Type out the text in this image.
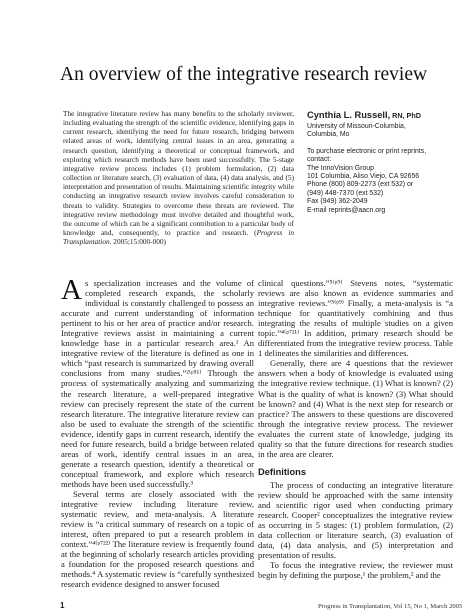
An overview of the integrative research review
The integrative literature review has many benefits to the scholarly reviewer, including evaluating the strength of the scientific evidence, identifying gaps in current research, identifying the need for future research, bridging between related areas of work, identifying central issues in an area, generating a research question, identifying a theoretical or conceptual framework, and exploring which research methods have been used successfully. The 5-stage integrative review process includes (1) problem formulation, (2) data collection or literature search, (3) evaluation of data, (4) data analysis, and (5) interpretation and presentation of results. Maintaining scientific integrity while conducting an integrative research review involves careful consideration to threats to validity. Strategies to overcome these threats are reviewed. The integrative review methodology must involve detailed and thoughtful work, the outcome of which can be a significant contribution to a particular body of knowledge and, consequently, to practice and research. (Progress in Transplantation. 2005;15:000-000)
Cynthia L. Russell, RN, PhD
University of Missouri-Columbia,
Columbia, Mo
To purchase electronic or print reprints,
contact:
The InnoVision Group
101 Columbia, Aliso Viejo, CA 92656
Phone (800) 809-2273 (ext 532) or
(949) 448-7370 (ext 532)
Fax (949) 362-2049
E-mail reprints@aacn.org

As specialization increases and the volume of completed research expands, the scholarly individual is constantly challenged to possess an accurate and current understanding of information pertinent to his or her area of practice and/or research. Integrative reviews assist in maintaining a current knowledge base in a particular research area.¹ An integrative review of the literature is defined as one in which “past research is summarized by drawing overall conclusions from many studies.”²⁽ᵖ⁵¹⁾ Through the process of systematically analyzing and summarizing the research literature, a well-prepared integrative review can precisely represent the state of the current research literature. The integrative literature review can also be used to evaluate the strength of the scientific evidence, identify gaps in current research, identify the need for future research, build a bridge between related areas of work, identify central issues in an area, generate a research question, identify a theoretical or conceptual framework, and explore which research methods have been used successfully.³

Several terms are closely associated with the integrative review including literature review, systematic review, and meta-analysis. A literature review is “a critical summary of research on a topic of interest, often prepared to put a research problem in context.”⁴⁽ᵖ⁷²²⁾ The literature review is frequently found at the beginning of scholarly research articles providing a foundation for the proposed research questions and methods.⁴ A systematic review is “carefully synthesized research evidence designed to answer focused

clinical questions.”⁵⁽ᵖ⁹⁾ Stevens notes, “systematic reviews are also known as evidence summaries and integrative reviews.”⁵⁽ᵖ⁹⁾ Finally, a meta-analysis is “a technique for quantitatively combining and thus integrating the results of multiple studies on a given topic.”⁴⁽ᵖ⁷²¹⁾ In addition, primary research should be differentiated from the integrative review process. Table 1 delineates the similarities and differences.

Generally, there are 4 questions that the reviewer answers when a body of knowledge is evaluated using the integrative review technique. (1) What is known? (2) What is the quality of what is known? (3) What should be known? and (4) What is the next step for research or practice? The answers to these questions are discovered through the integrative review process. The reviewer evaluates the current state of knowledge, judging its quality so that the future directions for research studies in the area are clearer.

Definitions

The process of conducting an integrative literature review should be approached with the same intensity and scientific rigor used when conducting primary research. Cooper² conceptualizes the integrative review as occurring in 5 stages: (1) problem formulation, (2) data collection or literature search, (3) evaluation of data, (4) data analysis, and (5) interpretation and presentation of results.

To focus the integrative review, the reviewer must begin by defining the purpose,¹ the problem,² and the

1	Progress in Transplantation, Vol 15, No 1, March 2005
